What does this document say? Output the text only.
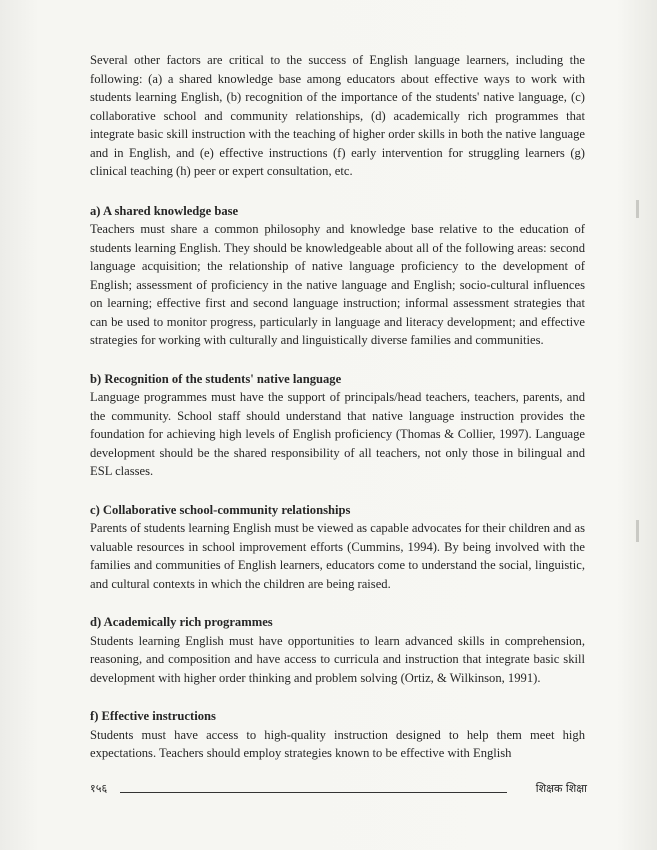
Several other factors are critical to the success of English language learners, including the following: (a) a shared knowledge base among educators about effective ways to work with students learning English, (b) recognition of the importance of the students' native language, (c) collaborative school and community relationships, (d) academically rich programmes that integrate basic skill instruction with the teaching of higher order skills in both the native language and in English, and (e) effective instructions (f) early intervention for struggling learners (g) clinical teaching (h) peer or expert consultation, etc.

a) A shared knowledge base

Teachers must share a common philosophy and knowledge base relative to the education of students learning English. They should be knowledgeable about all of the following areas: second language acquisition; the relationship of native language proficiency to the development of English; assessment of proficiency in the native language and English; socio-cultural influences on learning; effective first and second language instruction; informal assessment strategies that can be used to monitor progress, particularly in language and literacy development; and effective strategies for working with culturally and linguistically diverse families and communities.

b) Recognition of the students' native language

Language programmes must have the support of principals/head teachers, teachers, parents, and the community. School staff should understand that native language instruction provides the foundation for achieving high levels of English proficiency (Thomas & Collier, 1997). Language development should be the shared responsibility of all teachers, not only those in bilingual and ESL classes.

c) Collaborative school-community relationships

Parents of students learning English must be viewed as capable advocates for their children and as valuable resources in school improvement efforts (Cummins, 1994). By being involved with the families and communities of English learners, educators come to understand the social, linguistic, and cultural contexts in which the children are being raised.

d) Academically rich programmes

Students learning English must have opportunities to learn advanced skills in comprehension, reasoning, and composition and have access to curricula and instruction that integrate basic skill development with higher order thinking and problem solving (Ortiz, & Wilkinson, 1991).

f) Effective instructions

Students must have access to high-quality instruction designed to help them meet high expectations. Teachers should employ strategies known to be effective with English

१५६	शिक्षक शिक्षा
